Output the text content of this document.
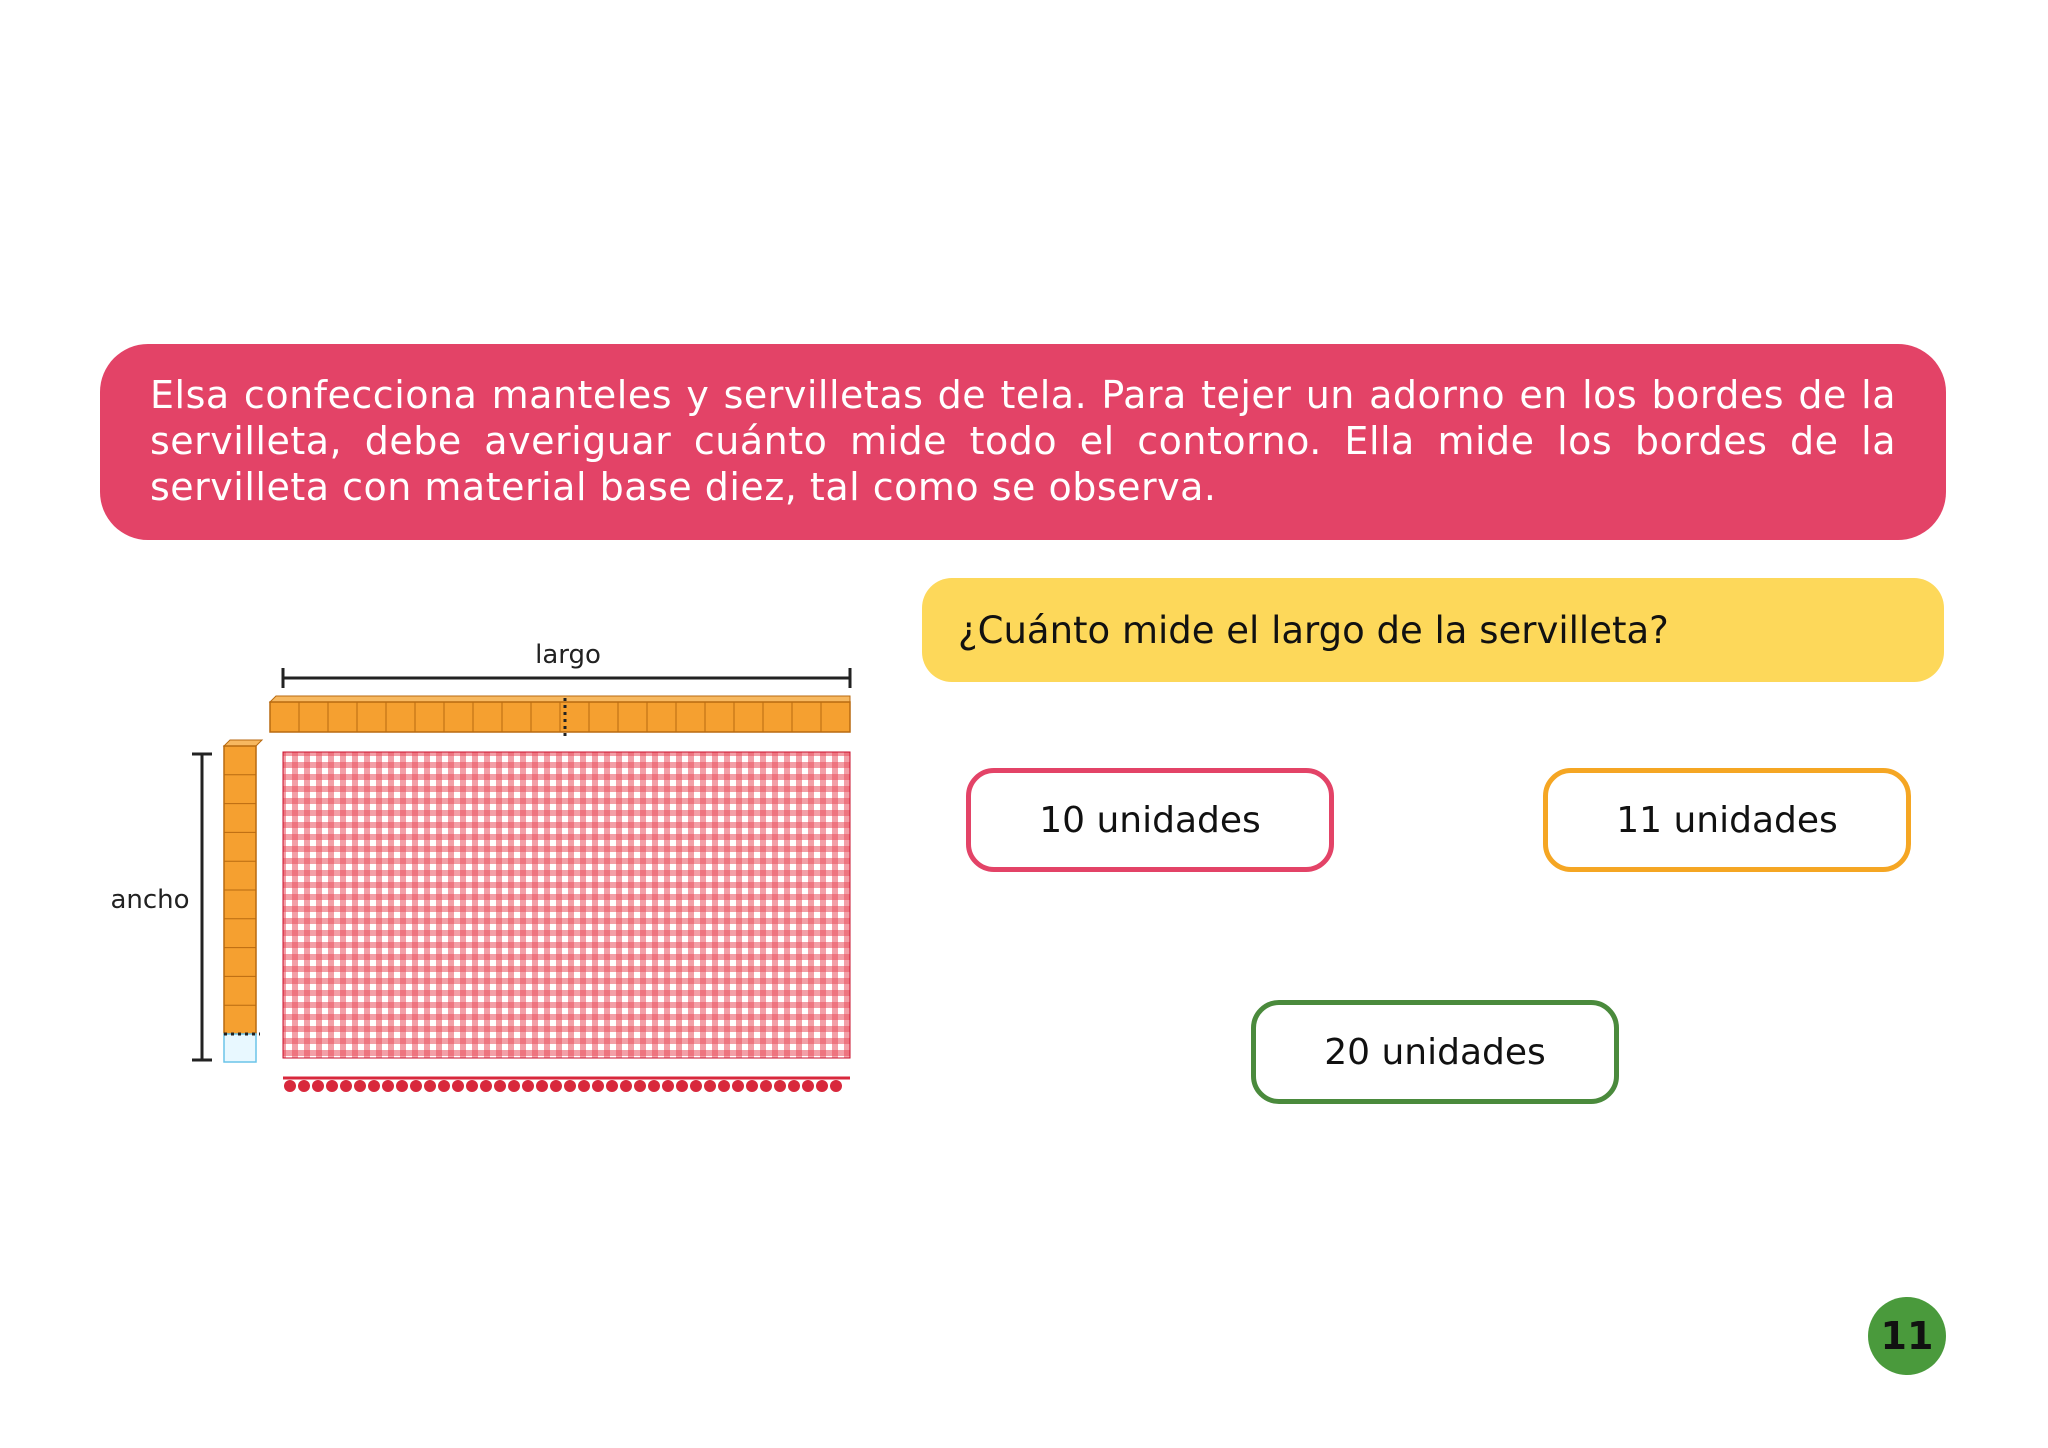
Elsa confecciona manteles y servilletas de tela. Para tejer un adorno en los bordes de la servilleta, debe averiguar cuánto mide todo el contorno. Ella mide los bordes de la servilleta con material base diez, tal como se observa.

¿Cuánto mide el largo de la servilleta?
largo
ancho
10 unidades	11 unidades
20 unidades
11
